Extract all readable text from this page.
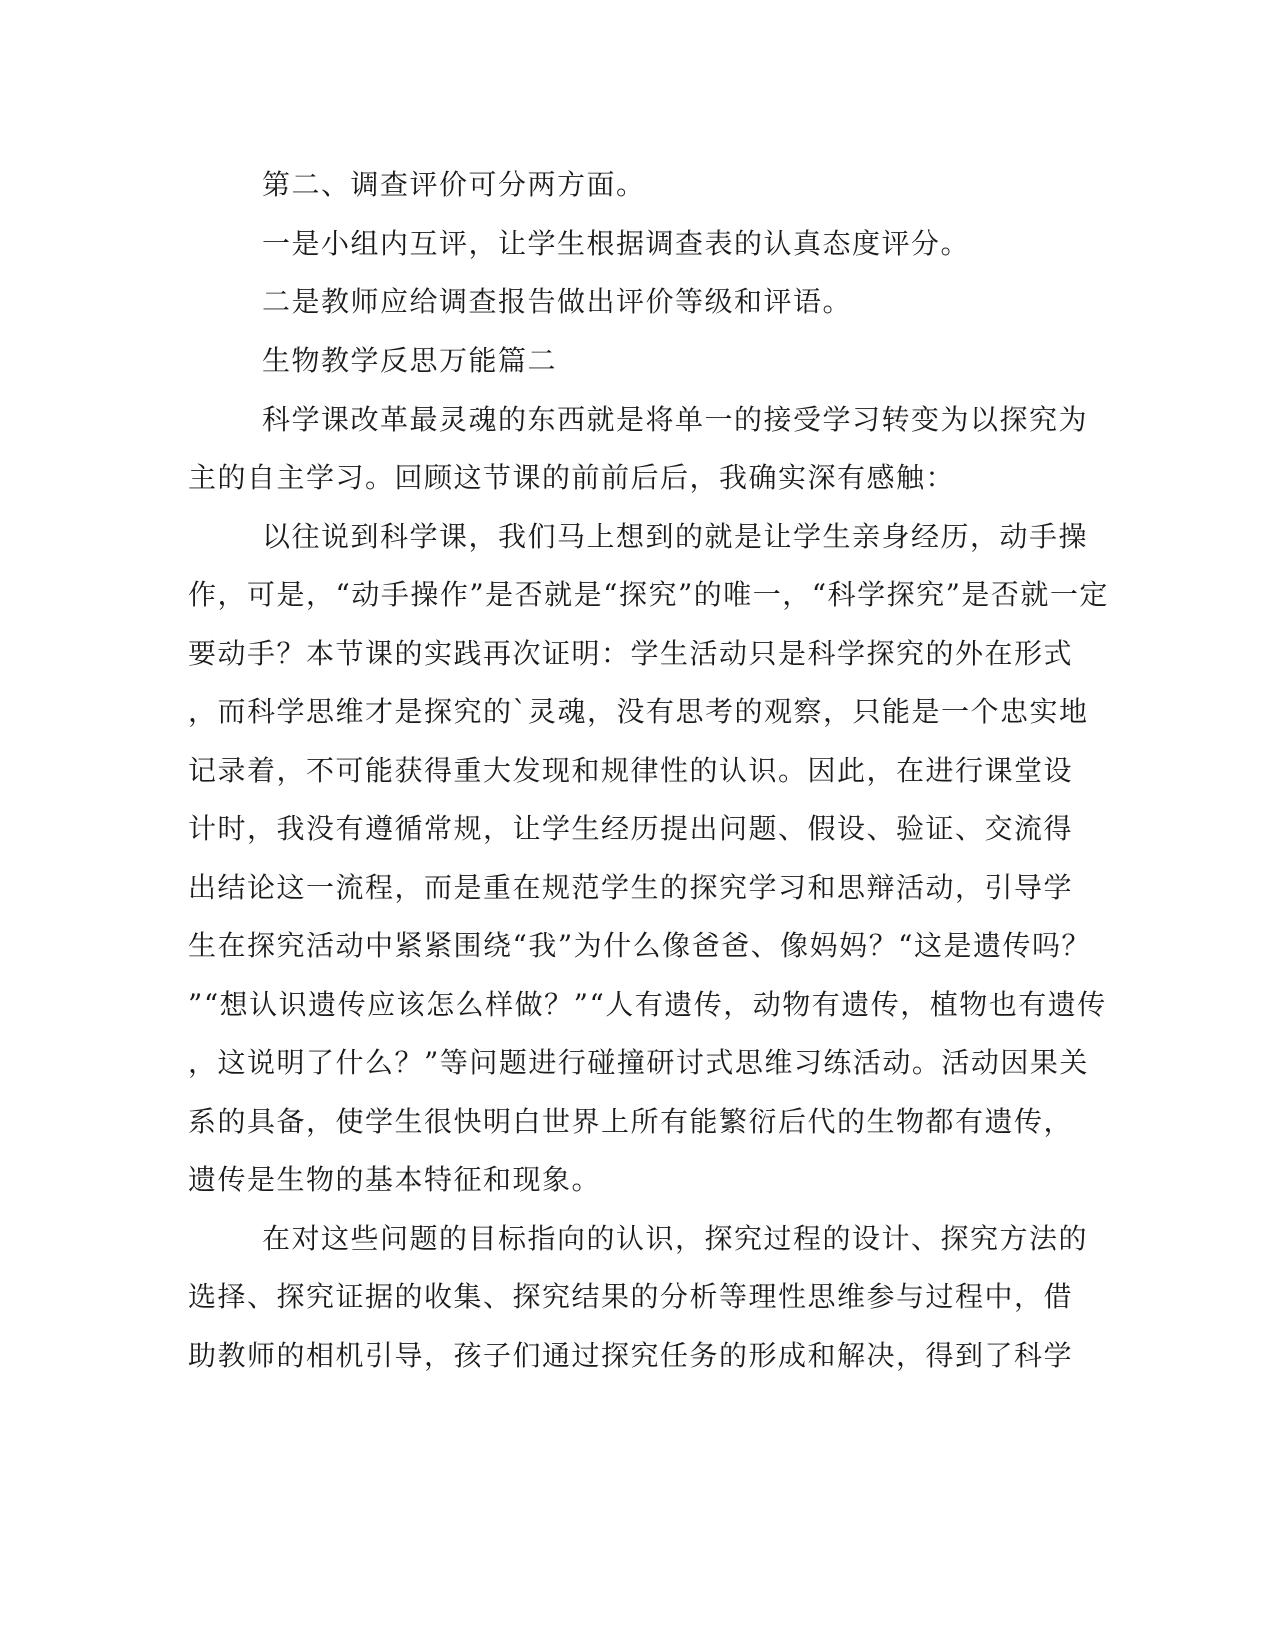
第二、调查评价可分两方面。

一是小组内互评，让学生根据调查表的认真态度评分。

二是教师应给调查报告做出评价等级和评语。

生物教学反思万能篇二

科学课改革最灵魂的东西就是将单一的接受学习转变为以探究为

主的自主学习。回顾这节课的前前后后，我确实深有感触：

以往说到科学课，我们马上想到的就是让学生亲身经历，动手操

作，可是，“动手操作”是否就是“探究”的唯一，“科学探究”是否就一定

要动手？本节课的实践再次证明：学生活动只是科学探究的外在形式

，而科学思维才是探究的`灵魂，没有思考的观察，只能是一个忠实地

记录着，不可能获得重大发现和规律性的认识。因此，在进行课堂设

计时，我没有遵循常规，让学生经历提出问题、假设、验证、交流得

出结论这一流程，而是重在规范学生的探究学习和思辩活动，引导学

生在探究活动中紧紧围绕“我”为什么像爸爸、像妈妈？“这是遗传吗？

”“想认识遗传应该怎么样做？”“人有遗传，动物有遗传，植物也有遗传

，这说明了什么？”等问题进行碰撞研讨式思维习练活动。活动因果关

系的具备，使学生很快明白世界上所有能繁衍后代的生物都有遗传，

遗传是生物的基本特征和现象。

在对这些问题的目标指向的认识，探究过程的设计、探究方法的

选择、探究证据的收集、探究结果的分析等理性思维参与过程中，借

助教师的相机引导，孩子们通过探究任务的形成和解决，得到了科学
